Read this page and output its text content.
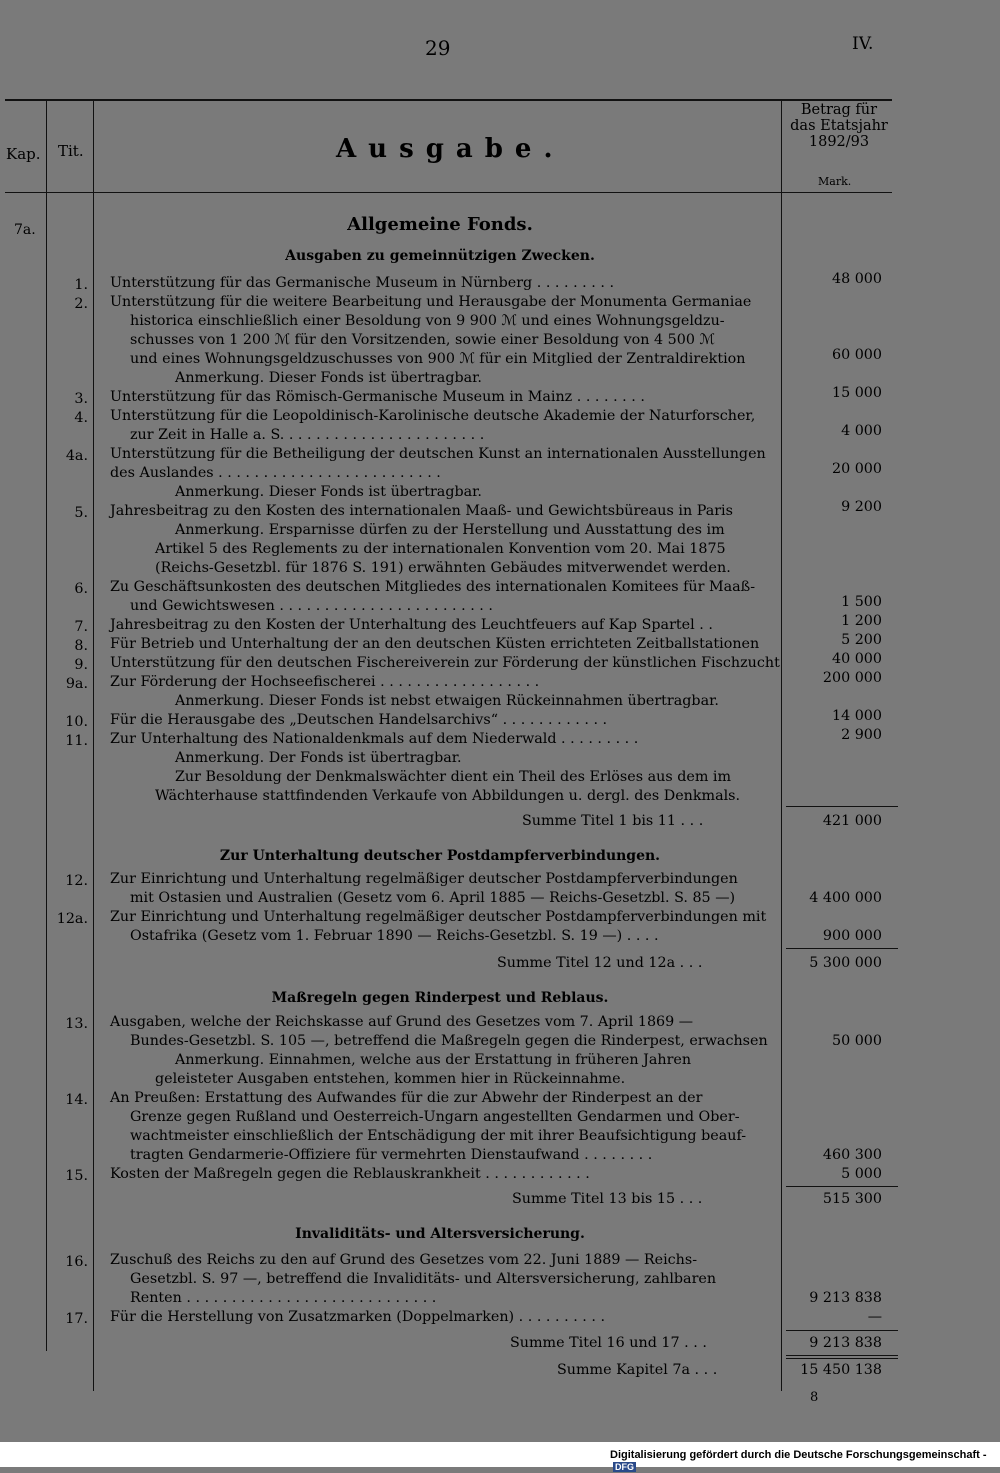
29	IV.
Kap. Tit.	Ausgabe.
Betrag für
das Etatsjahr
1892/93
Mark.
7a.	Allgemeine Fonds.
Ausgaben zu gemeinnützigen Zwecken.
1. Unterstützung für das Germanische Museum in Nürnberg . . . . . . . . .	48 000
2. Unterstützung für die weitere Bearbeitung und Herausgabe der Monumenta Germaniae
historica einschließlich einer Besoldung von 9 900 ℳ und eines Wohnungsgeldzu-
schusses von 1 200 ℳ für den Vorsitzenden, sowie einer Besoldung von 4 500 ℳ
und eines Wohnungsgeldzuschusses von 900 ℳ für ein Mitglied der Zentraldirektion	60 000
Anmerkung. Dieser Fonds ist übertragbar.
3. Unterstützung für das Römisch-Germanische Museum in Mainz . . . . . . . .	15 000
4. Unterstützung für die Leopoldinisch-Karolinische deutsche Akademie der Naturforscher,
zur Zeit in Halle a. S. . . . . . . . . . . . . . . . . . . . . . .	4 000
4a. Unterstützung für die Betheiligung der deutschen Kunst an internationalen Ausstellungen
des Auslandes . . . . . . . . . . . . . . . . . . . . . . . . .	20 000
Anmerkung. Dieser Fonds ist übertragbar.
5. Jahresbeitrag zu den Kosten des internationalen Maaß- und Gewichtsbüreaus in Paris	9 200
Anmerkung. Ersparnisse dürfen zu der Herstellung und Ausstattung des im
Artikel 5 des Reglements zu der internationalen Konvention vom 20. Mai 1875
(Reichs-Gesetzbl. für 1876 S. 191) erwähnten Gebäudes mitverwendet werden.
6. Zu Geschäftsunkosten des deutschen Mitgliedes des internationalen Komitees für Maaß-
und Gewichtswesen . . . . . . . . . . . . . . . . . . . . . . . .	1 500
7. Jahresbeitrag zu den Kosten der Unterhaltung des Leuchtfeuers auf Kap Spartel . .	1 200
8. Für Betrieb und Unterhaltung der an den deutschen Küsten errichteten Zeitballstationen	5 200
9. Unterstützung für den deutschen Fischereiverein zur Förderung der künstlichen Fischzucht	40 000
9a. Zur Förderung der Hochseefischerei . . . . . . . . . . . . . . . . . .	200 000
Anmerkung. Dieser Fonds ist nebst etwaigen Rückeinnahmen übertragbar.
10. Für die Herausgabe des „Deutschen Handelsarchivs“ . . . . . . . . . . . .	14 000
11. Zur Unterhaltung des Nationaldenkmals auf dem Niederwald . . . . . . . . .	2 900
Anmerkung. Der Fonds ist übertragbar.
Zur Besoldung der Denkmalswächter dient ein Theil des Erlöses aus dem im
Wächterhause stattfindenden Verkaufe von Abbildungen u. dergl. des Denkmals.
Summe Titel 1 bis 11 . . .	421 000
Zur Unterhaltung deutscher Postdampferverbindungen.
12. Zur Einrichtung und Unterhaltung regelmäßiger deutscher Postdampferverbindungen
mit Ostasien und Australien (Gesetz vom 6. April 1885 — Reichs-Gesetzbl. S. 85 —)	4 400 000
12a. Zur Einrichtung und Unterhaltung regelmäßiger deutscher Postdampferverbindungen mit
Ostafrika (Gesetz vom 1. Februar 1890 — Reichs-Gesetzbl. S. 19 —) . . . .	900 000
Summe Titel 12 und 12a . . .	5 300 000
Maßregeln gegen Rinderpest und Reblaus.
13. Ausgaben, welche der Reichskasse auf Grund des Gesetzes vom 7. April 1869 —
Bundes-Gesetzbl. S. 105 —, betreffend die Maßregeln gegen die Rinderpest, erwachsen	50 000
Anmerkung. Einnahmen, welche aus der Erstattung in früheren Jahren
geleisteter Ausgaben entstehen, kommen hier in Rückeinnahme.
14. An Preußen: Erstattung des Aufwandes für die zur Abwehr der Rinderpest an der
Grenze gegen Rußland und Oesterreich-Ungarn angestellten Gendarmen und Ober-
wachtmeister einschließlich der Entschädigung der mit ihrer Beaufsichtigung beauf-
tragten Gendarmerie-Offiziere für vermehrten Dienstaufwand . . . . . . . .	460 300
15. Kosten der Maßregeln gegen die Reblauskrankheit . . . . . . . . . . . .	5 000
Summe Titel 13 bis 15 . . .	515 300
Invaliditäts- und Altersversicherung.
16. Zuschuß des Reichs zu den auf Grund des Gesetzes vom 22. Juni 1889 — Reichs-
Gesetzbl. S. 97 —, betreffend die Invaliditäts- und Altersversicherung, zahlbaren
Renten . . . . . . . . . . . . . . . . . . . . . . . . . . . .	9 213 838
17. Für die Herstellung von Zusatzmarken (Doppelmarken) . . . . . . . . . .	—
Summe Titel 16 und 17 . . .	9 213 838
Summe Kapitel 7a . . .	15 450 138
8
Digitalisierung gefördert durch die Deutsche Forschungsgemeinschaft -DFG
